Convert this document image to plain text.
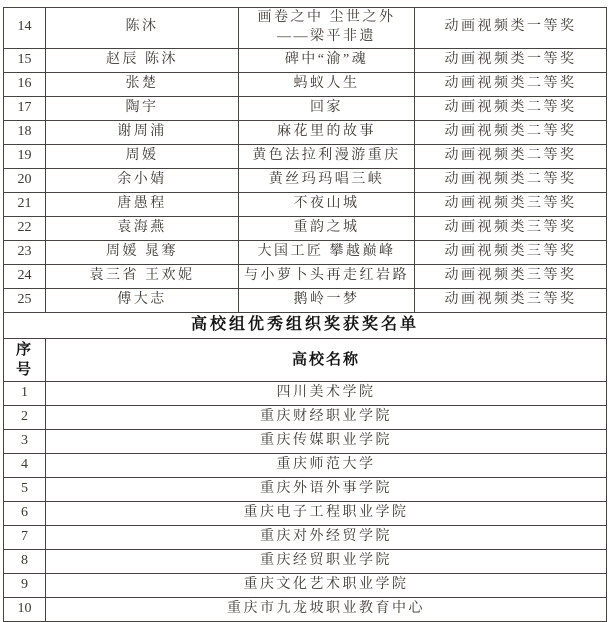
14	陈沐	画卷之中 尘世之外——梁平非遗	动画视频类一等奖
15	赵辰 陈沐	碑中“渝”魂	动画视频类一等奖
16	张楚	蚂蚁人生	动画视频类二等奖
17	陶宇	回家	动画视频类二等奖
18	谢周浦	麻花里的故事	动画视频类二等奖
19	周媛	黄色法拉利漫游重庆	动画视频类二等奖
20	余小婧	黄丝玛玛唱三峡	动画视频类二等奖
21	唐愚程	不夜山城	动画视频类三等奖
22	袁海燕	重韵之城	动画视频类三等奖
23	周媛 晁骞	大国工匠 攀越巅峰	动画视频类三等奖
24	袁三省 王欢妮	与小萝卜头再走红岩路	动画视频类三等奖
25	傅大志	鹅岭一梦	动画视频类三等奖
高校组优秀组织奖获奖名单			
序号	高校名称		
1	四川美术学院		
2	重庆财经职业学院		
3	重庆传媒职业学院		
4	重庆师范大学		
5	重庆外语外事学院		
6	重庆电子工程职业学院		
7	重庆对外经贸学院		
8	重庆经贸职业学院		
9	重庆文化艺术职业学院		
10	重庆市九龙坡职业教育中心		
